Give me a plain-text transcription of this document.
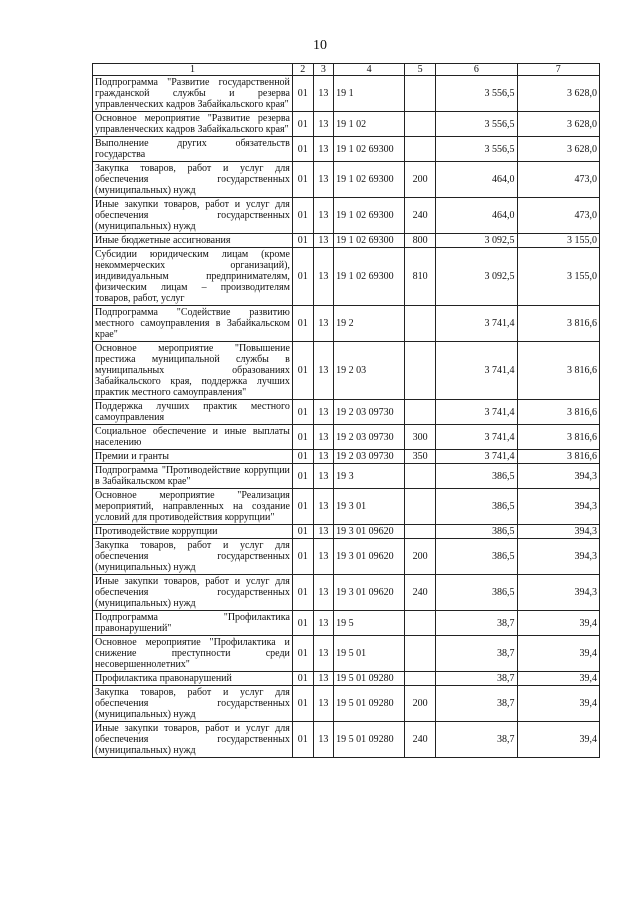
10
1	2	3	4	5	6	7
Подпрограмма "Развитие государственной гражданской службы и резерва управленческих кадров Забайкальского края"	01	13	19 1		3 556,5	3 628,0
Основное мероприятие "Развитие резерва управленческих кадров Забайкальского края"	01	13	19 1 02		3 556,5	3 628,0
Выполнение других обязательств государства	01	13	19 1 02 69300		3 556,5	3 628,0
Закупка товаров, работ и услуг для обеспечения государственных (муниципальных) нужд	01	13	19 1 02 69300	200	464,0	473,0
Иные закупки товаров, работ и услуг для обеспечения государственных (муниципальных) нужд	01	13	19 1 02 69300	240	464,0	473,0
Иные бюджетные ассигнования	01	13	19 1 02 69300	800	3 092,5	3 155,0
Субсидии юридическим лицам (кроме некоммерческих организаций), индивидуальным предпринимателям, физическим лицам – производителям товаров, работ, услуг	01	13	19 1 02 69300	810	3 092,5	3 155,0
Подпрограмма "Содействие развитию местного самоуправления в Забайкальском крае"	01	13	19 2		3 741,4	3 816,6
Основное мероприятие "Повышение престижа муниципальной службы в муниципальных образованиях Забайкальского края, поддержка лучших практик местного самоуправления"	01	13	19 2 03		3 741,4	3 816,6
Поддержка лучших практик местного самоуправления	01	13	19 2 03 09730		3 741,4	3 816,6
Социальное обеспечение и иные выплаты населению	01	13	19 2 03 09730	300	3 741,4	3 816,6
Премии и гранты	01	13	19 2 03 09730	350	3 741,4	3 816,6
Подпрограмма "Противодействие коррупции в Забайкальском крае"	01	13	19 3		386,5	394,3
Основное мероприятие "Реализация мероприятий, направленных на создание условий для противодействия коррупции"	01	13	19 3 01		386,5	394,3
Противодействие коррупции	01	13	19 3 01 09620		386,5	394,3
Закупка товаров, работ и услуг для обеспечения государственных (муниципальных) нужд	01	13	19 3 01 09620	200	386,5	394,3
Иные закупки товаров, работ и услуг для обеспечения государственных (муниципальных) нужд	01	13	19 3 01 09620	240	386,5	394,3
Подпрограмма "Профилактика правонарушений"	01	13	19 5		38,7	39,4
Основное мероприятие "Профилактика и снижение преступности среди несовершеннолетних"	01	13	19 5 01		38,7	39,4
Профилактика правонарушений	01	13	19 5 01 09280		38,7	39,4
Закупка товаров, работ и услуг для обеспечения государственных (муниципальных) нужд	01	13	19 5 01 09280	200	38,7	39,4
Иные закупки товаров, работ и услуг для обеспечения государственных (муниципальных) нужд	01	13	19 5 01 09280	240	38,7	39,4
